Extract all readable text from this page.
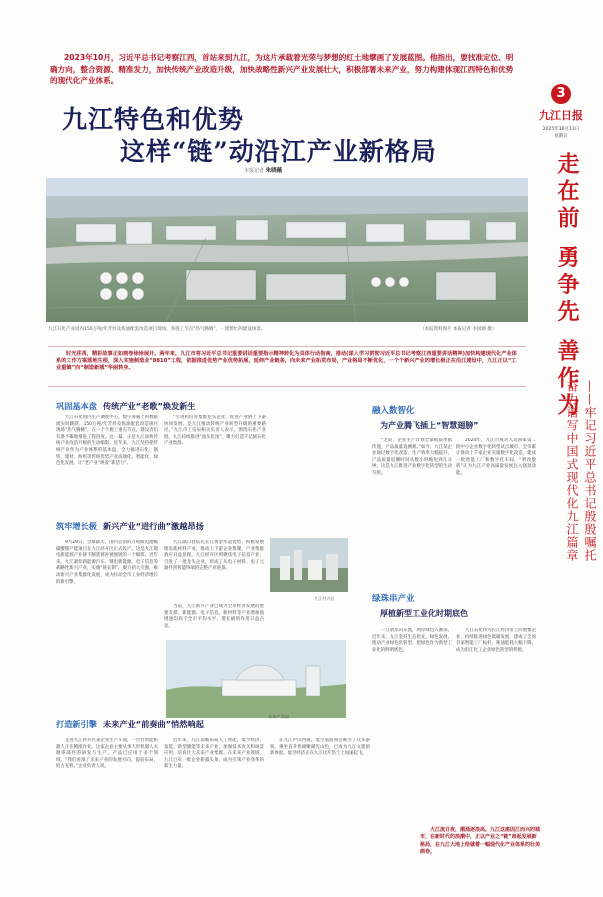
2023年10月，习近平总书记考察江西，首站来到九江，为这片承载着光荣与梦想的红土地擘画了发展蓝图。他指出，要找准定位、明确方向，整合资源、精准发力，加快传统产业改造升级，加快战略性新兴产业发展壮大，积极部署未来产业，努力构建体现江西特色和优势的现代化产业体系。
3
九江日报
2025年10月13日
星期日
走在前 勇争先 善作为
——牢记习近平总书记殷殷嘱托
奋力谱写中国式现代化九江篇章
九江特色和优势
这样“链”动沿江产业新格局
本报记者 朱晓薇
九江石化产业园内150万吨/年芳烃及炼油配套改造项目现场，各施工节点“热气腾腾”，一派繁忙的建设场景。	（本报资料图片 本报记者 李国源 摄）
时光荏苒，精彩故事正如画卷徐徐展开。两年来，九江市将习近平总书记重要讲话重要指示精神转化为具体行动指南，推动(深入学习贯彻习近平总书记考察江西重要讲话精神)加快构建现代化产业体系的工作方案落地生根，深入实施制造业“8810”工程，依据推进优势产业优势拓展，延伸产业链条，向未来产业拓荒布局，产业格局不断优化，一个个新兴产业的增长极正在沿江建设中，九江正以“工业重镇”向“制造新城”华丽转身。
巩固基本盘 传统产业“老歌”焕发新生
九江石化园内生产调度中心，数字屏幕上的数据流实时跳跃。150万吨/年芳烃及炼油配套改造项目现场“热气腾腾”，在一个个施工重点节点，建设者们有条不紊地推进工程进度。这一幕，正是九江加快传统产业改造升级的生动缩影。近年来，九江坚持把传统产业作为产业体系的基本盘，全力推进石化、钢铁、建材、纺织等传统优势产业高端化、智能化、绿色化发展，让“老产业”焕发“新活力”。
“引进和培育集群龙头企业，促进产业链上下游协同发展，是九江推动传统产业转型升级的重要路径。”九江市工信局相关负责人表示，围绕石化产业链，九江持续推进“油头化尾”，聚力打造千亿级石化产业集群。
筑牢增长极 新兴产业“进行曲”激越昂扬
9月29日，全球最大、国内首创的万吨级电池级碳酸锂产能项目在九江经开区正式投产。这是九江锂电新能源产业链不断延链补链强链的一个缩影。近年来，九江紧扣新能源汽车、锂电新能源、电子信息等战略性新兴产业，实施“链长制”，聚力招大引强，推动新兴产业集群化发展，成为拉动全市工业经济增长的新引擎。
九江湖口县依托长江黄金水道优势，积极发展锂电新材料产业，推动上下游企业集聚，产业集群效应日益显现。九江经开区则聚焦电子信息产业，引进了一批龙头企业，形成了从电子材料、电子元器件到智能终端的完整产业链条。
九江经开区
当前，九江新兴产业已成为全市经济发展的重要支撑，新能源、电子信息、新材料等产业增加值增速均高于全市平均水平，增长极的作用日益凸显。
未来产业园
打造新引擎 未来产业“前奏曲”悄然响起
走进九江经开区某企业生产车间，一台台智能机器人正在精准作业。这家企业主要从事人形机器人关键零部件的研发与生产，产品已应用于多个领域。“我们看准了未来产业的发展方向，提前布局，抢占先机。”企业负责人说。
近年来，九江前瞻布局人工智能、低空经济、氢能、新型储能等未来产业，加强技术攻关和场景应用，培育壮大未来产业集群。在未来产业领域，九江已有一批企业崭露头角，成为引领产业变革的新生力量。
在九江庐山西海，低空旅游项目吸引了众多游客。乘坐直升机俯瞰湖光山色，已成为九江文旅的新体验。低空经济正在九江这片热土上加速起飞。
融入数智化
为产业腾飞插上“智慧翅膀”
“之前，企业生产计划全靠纸质单据传递，产品质量追溯难。”如今，九江某企业通过数字化改造，生产效率大幅提升，产品质量追溯时间从数小时缩短到几分钟。这是九江推进产业数字化转型的生动写照。
2024年，九江市成功入选国家第二批中小企业数字化转型试点城市，全市累计推动上千家企业实施数字化改造，建成一批智能工厂和数字化车间，“智改数转”正为九江产业高质量发展注入强劲动能。
绿珠串产业
厚植新型工业化时期底色
一江碧水向东流，两岸绿色入画来。近年来，九江坚持生态优先、绿色发展，推动产业绿色化转型，把绿色作为新型工业化的鲜明底色。
九江石化作为长江经济带上的重要企业，持续推进绿色低碳发展，建成了全国首家智能工厂标杆，吨油能耗大幅下降，成为沿江化工企业绿色转型的样板。
大江流日夜，潮涌逐浪高。九江这座因江而兴的城市，在新时代的浪潮中，正以产业之“链”串起发展新格局，在九江大地上绘就着一幅现代化产业体系的壮美画卷。
